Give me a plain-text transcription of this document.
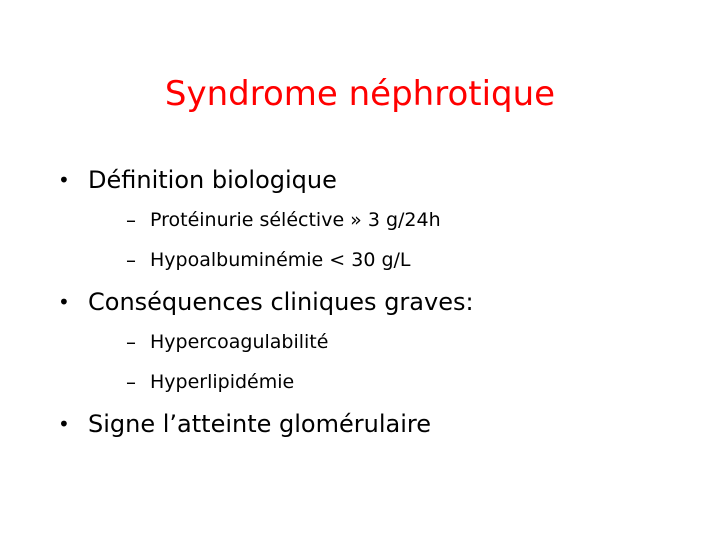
Syndrome néphrotique
• Définition biologique
– Protéinurie séléctive » 3 g/24h
– Hypoalbuminémie < 30 g/L
• Conséquences cliniques graves:
– Hypercoagulabilité
– Hyperlipidémie
• Signe l’atteinte glomérulaire
